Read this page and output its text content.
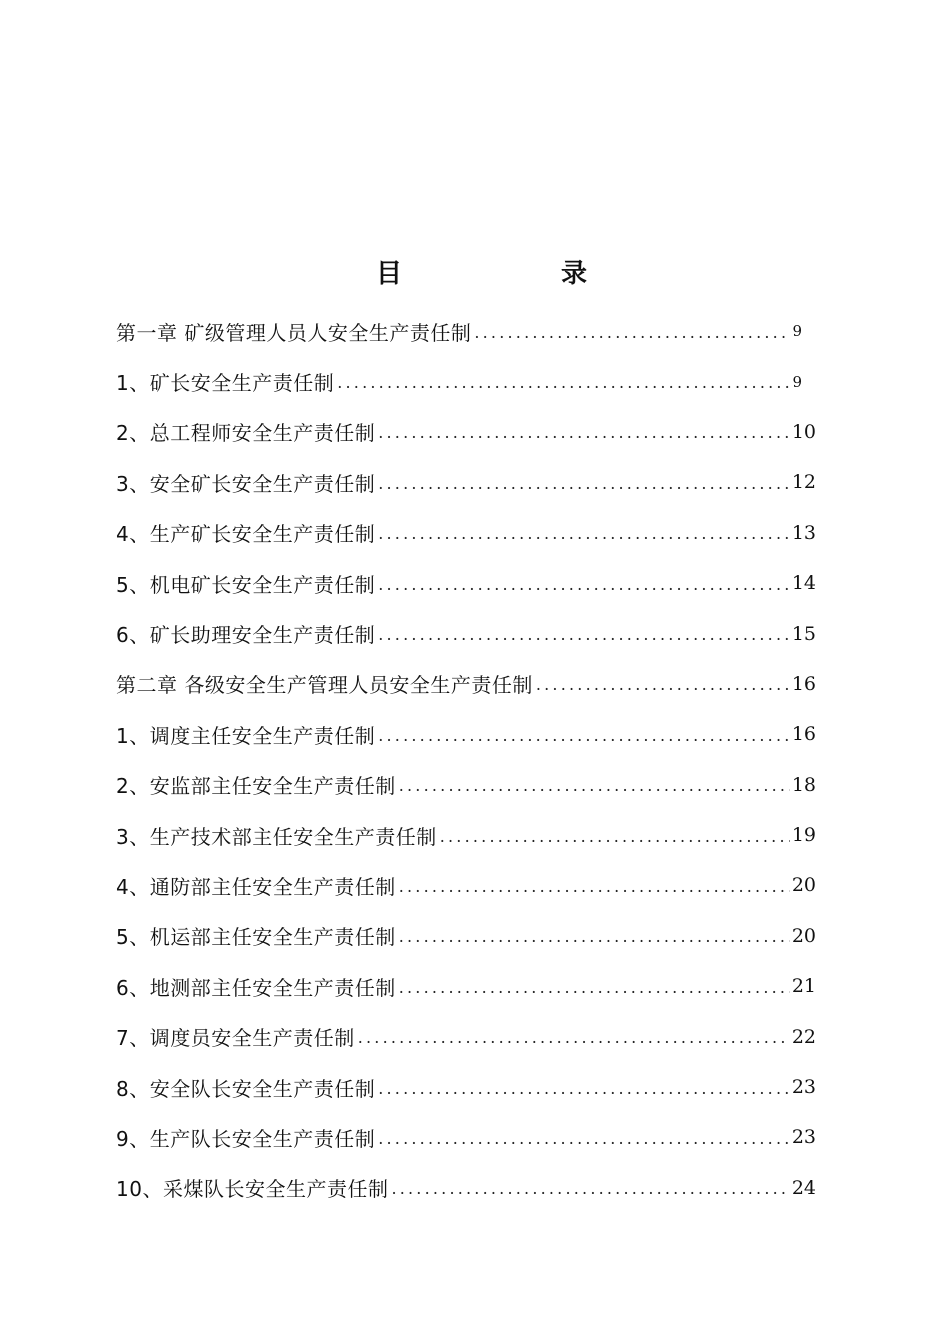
目	录
第一章 矿级管理人员人安全生产责任制 .....	9
1、矿长安全生产责任制 .....	9
2、总工程师安全生产责任制 .....	10
3、安全矿长安全生产责任制 .....	12
4、生产矿长安全生产责任制 .....	13
5、机电矿长安全生产责任制 .....	14
6、矿长助理安全生产责任制 .....	15
第二章 各级安全生产管理人员安全生产责任制 .....	16
1、调度主任安全生产责任制 .....	16
2、安监部主任安全生产责任制 .....	18
3、生产技术部主任安全生产责任制 .....	19
4、通防部主任安全生产责任制 .....	20
5、机运部主任安全生产责任制 .....	20
6、地测部主任安全生产责任制 .....	21
7、调度员安全生产责任制 .....	22
8、安全队长安全生产责任制 .....	23
9、生产队长安全生产责任制 .....	23
10、采煤队长安全生产责任制 .....	24
